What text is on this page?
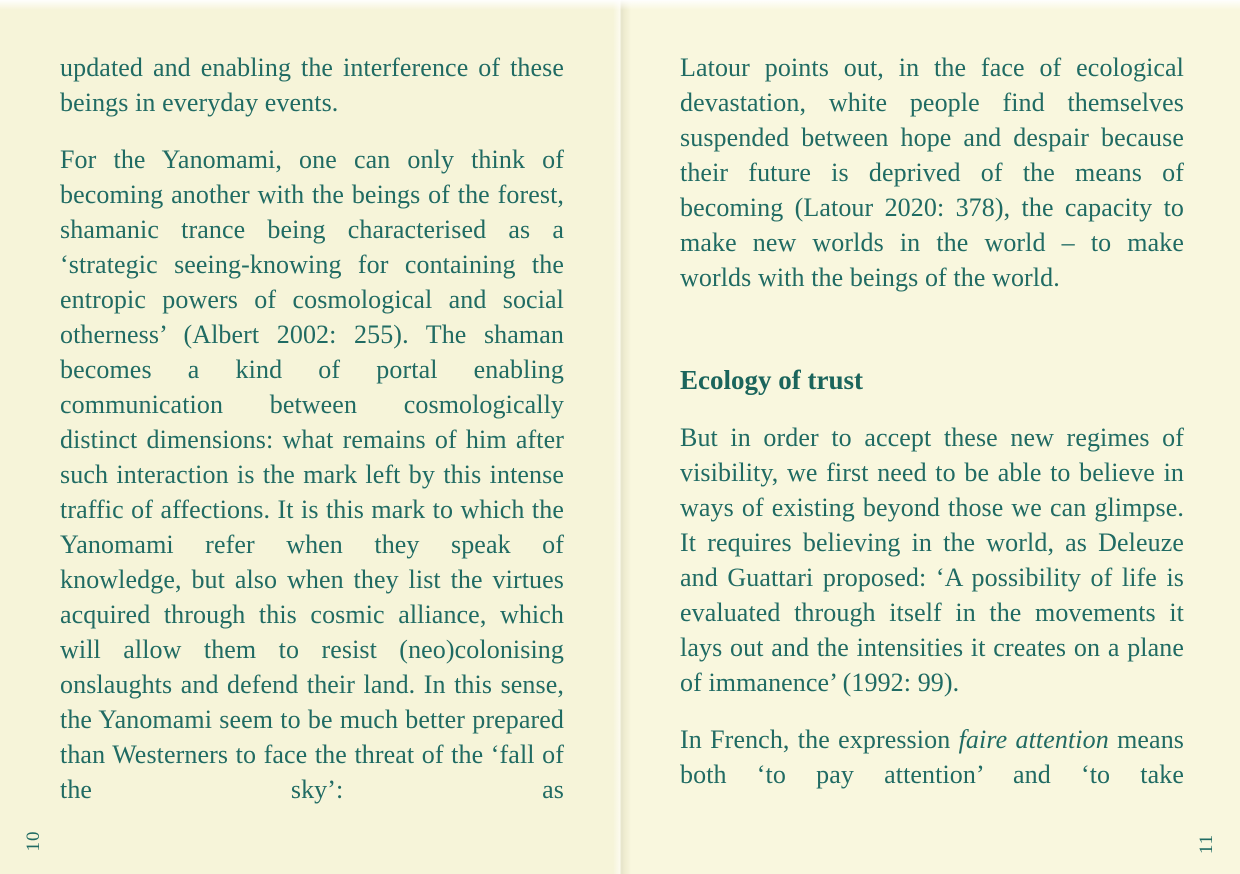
updated and enabling the interference of these beings in everyday events.

For the Yanomami, one can only think of becoming another with the beings of the forest, shamanic trance being characterised as a ‘strategic seeing-knowing for containing the entropic powers of cosmological and social otherness’ (Albert 2002: 255). The shaman becomes a kind of portal enabling communication between cosmologically distinct dimensions: what remains of him after such interaction is the mark left by this intense traffic of affections. It is this mark to which the Yanomami refer when they speak of knowledge, but also when they list the virtues acquired through this cosmic alliance, which will allow them to resist (neo)colonising onslaughts and defend their land. In this sense, the Yanomami seem to be much better prepared than Westerners to face the threat of the ‘fall of the sky’: as

10

Latour points out, in the face of ecological devastation, white people find themselves suspended between hope and despair because their future is deprived of the means of becoming (Latour 2020: 378), the capacity to make new worlds in the world – to make worlds with the beings of the world.

Ecology of trust

But in order to accept these new regimes of visibility, we first need to be able to believe in ways of existing beyond those we can glimpse. It requires believing in the world, as Deleuze and Guattari proposed: ‘A possibility of life is evaluated through itself in the movements it lays out and the intensities it creates on a plane of immanence’ (1992: 99).

In French, the expression faire attention means both ‘to pay attention’ and ‘to take

11
